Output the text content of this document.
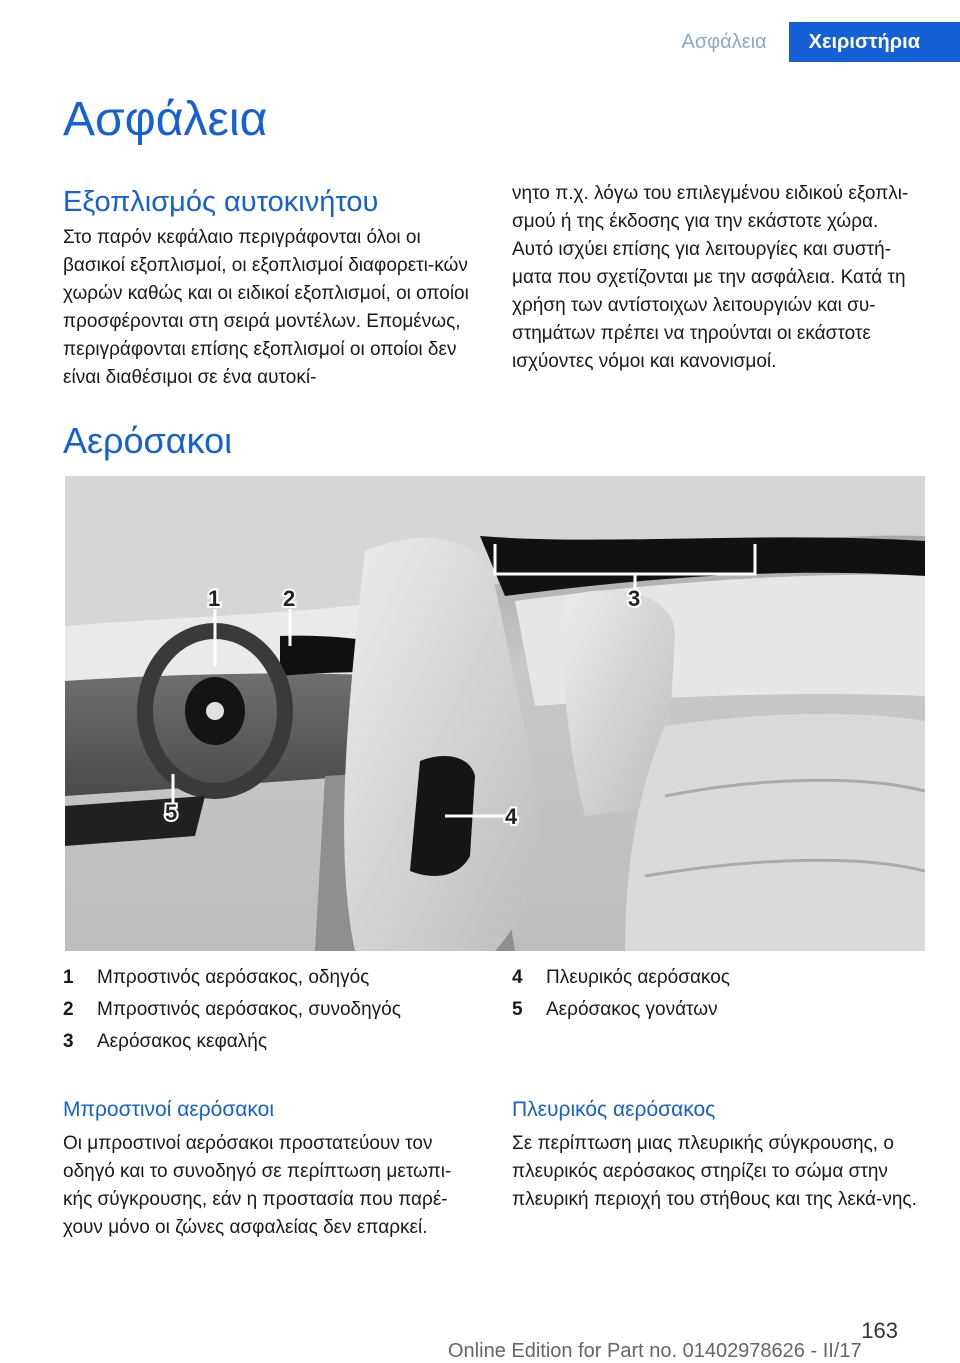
Ασφάλεια	Χειριστήρια
Ασφάλεια
Εξοπλισμός αυτοκινήτου

Στο παρόν κεφάλαιο περιγράφονται όλοι οι βασικοί εξοπλισμοί, οι εξοπλισμοί διαφορετι‐κών χωρών καθώς και οι ειδικοί εξοπλισμοί, οι οποίοι προσφέρονται στη σειρά μοντέλων. Επομένως, περιγράφονται επίσης εξοπλισμοί οι οποίοι δεν είναι διαθέσιμοι σε ένα αυτοκί‐

νητο π.χ. λόγω του επιλεγμένου ειδικού εξοπλι‐σμού ή της έκδοσης για την εκάστοτε χώρα. Αυτό ισχύει επίσης για λειτουργίες και συστή‐ματα που σχετίζονται με την ασφάλεια. Κατά τη χρήση των αντίστοιχων λειτουργιών και συ‐στημάτων πρέπει να τηρούνται οι εκάστοτε ισχύοντες νόμοι και κανονισμοί.

Αερόσακοι
1	2	3
4
5
1	Μπροστινός αερόσακος, οδηγός
2	Μπροστινός αερόσακος, συνοδηγός
3	Αερόσακος κεφαλής
4	Πλευρικός αερόσακος
5	Αερόσακος γονάτων
Μπροστινοί αερόσακοι

Οι μπροστινοί αερόσακοι προστατεύουν τον οδηγό και το συνοδηγό σε περίπτωση μετωπι‐κής σύγκρουσης, εάν η προστασία που παρέ‐χουν μόνο οι ζώνες ασφαλείας δεν επαρκεί.

Πλευρικός αερόσακος

Σε περίπτωση μιας πλευρικής σύγκρουσης, ο πλευρικός αερόσακος στηρίζει το σώμα στην πλευρική περιοχή του στήθους και της λεκά‐νης.

163
Online Edition for Part no. 01402978626 - II/17
